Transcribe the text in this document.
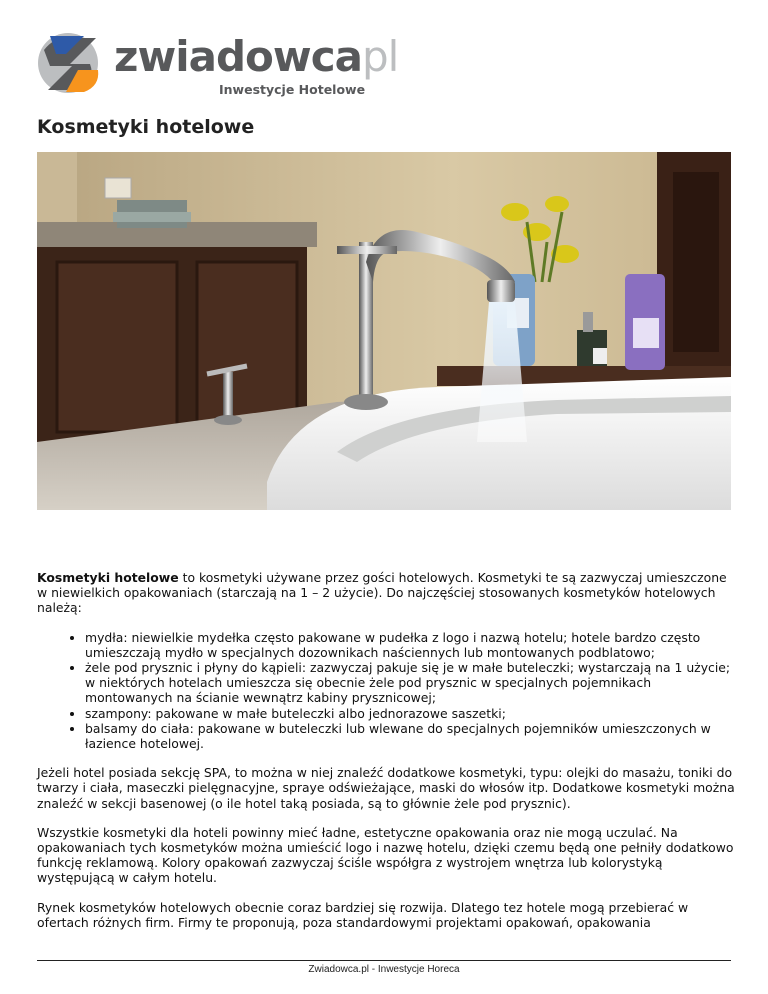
zwiadowcapl
Inwestycje Hotelowe
Kosmetyki hotelowe

Kosmetyki hotelowe to kosmetyki używane przez gości hotelowych. Kosmetyki te są zazwyczaj umieszczone w niewielkich opakowaniach (starczają na 1 – 2 użycie). Do najczęściej stosowanych kosmetyków hotelowych należą:

• mydła: niewielkie mydełka często pakowane w pudełka z logo i nazwą hotelu; hotele bardzo często umieszczają mydło w specjalnych dozownikach naściennych lub montowanych podblatowo;
• żele pod prysznic i płyny do kąpieli: zazwyczaj pakuje się je w małe buteleczki; wystarczają na 1 użycie; w niektórych hotelach umieszcza się obecnie żele pod prysznic w specjalnych pojemnikach montowanych na ścianie wewnątrz kabiny prysznicowej;
• szampony: pakowane w małe buteleczki albo jednorazowe saszetki;
• balsamy do ciała: pakowane w buteleczki lub wlewane do specjalnych pojemników umieszczonych w łazience hotelowej.

Jeżeli hotel posiada sekcję SPA, to można w niej znaleźć dodatkowe kosmetyki, typu: olejki do masażu, toniki do twarzy i ciała, maseczki pielęgnacyjne, spraye odświeżające, maski do włosów itp. Dodatkowe kosmetyki można znaleźć w sekcji basenowej (o ile hotel taką posiada, są to głównie żele pod prysznic).

Wszystkie kosmetyki dla hoteli powinny mieć ładne, estetyczne opakowania oraz nie mogą uczulać. Na opakowaniach tych kosmetyków można umieścić logo i nazwę hotelu, dzięki czemu będą one pełniły dodatkowo funkcję reklamową. Kolory opakowań zazwyczaj ściśle współgra z wystrojem wnętrza lub kolorystyką występującą w całym hotelu.

Rynek kosmetyków hotelowych obecnie coraz bardziej się rozwija. Dlatego tez hotele mogą przebierać w ofertach różnych firm. Firmy te proponują, poza standardowymi projektami opakowań, opakowania

Zwiadowca.pl - Inwestycje Horeca
